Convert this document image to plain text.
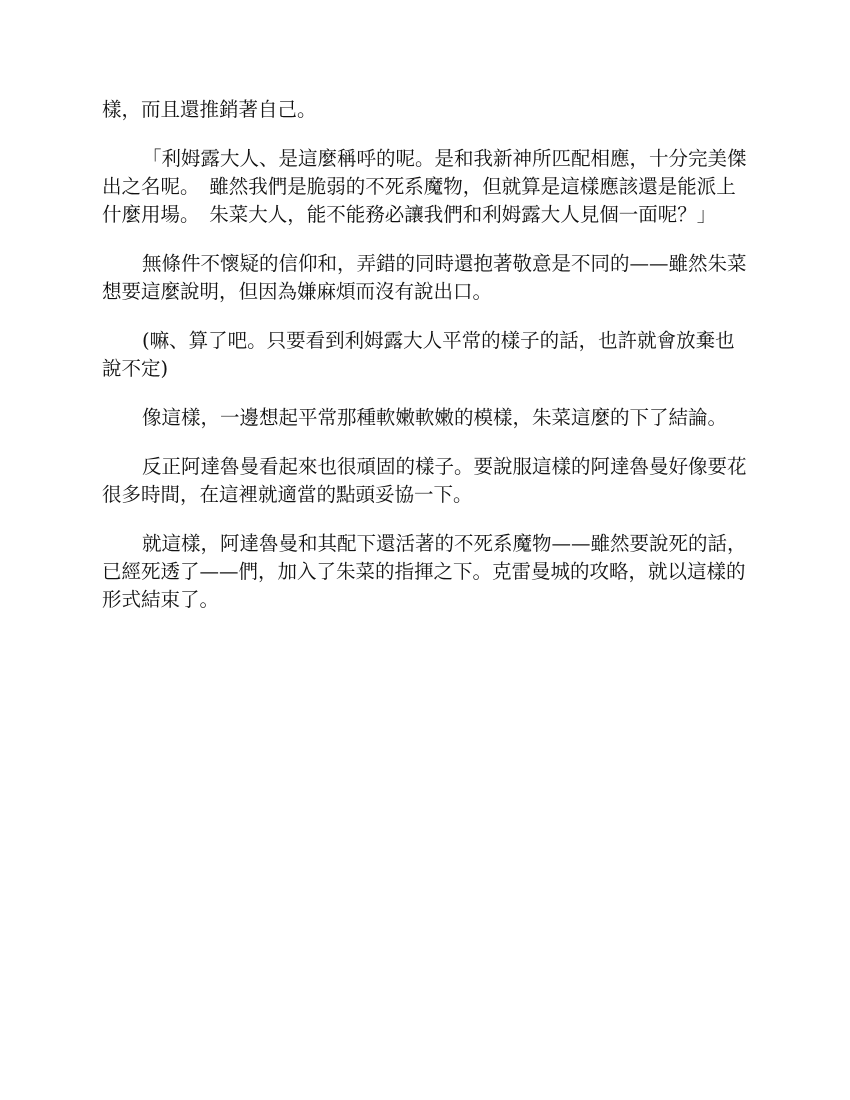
樣，而且還推銷著自己。

「利姆露大人、是這麼稱呼的呢。是和我新神所匹配相應，十分完美傑出之名呢。　雖然我們是脆弱的不死系魔物，但就算是這樣應該還是能派上什麼用場。　朱菜大人，能不能務必讓我們和利姆露大人見個一面呢？」

無條件不懷疑的信仰和，弄錯的同時還抱著敬意是不同的——雖然朱菜想要這麼說明，但因為嫌麻煩而沒有說出口。

(嘛、算了吧。只要看到利姆露大人平常的樣子的話，也許就會放棄也說不定)

像這樣，一邊想起平常那種軟嫩軟嫩的模樣，朱菜這麼的下了結論。

反正阿達魯曼看起來也很頑固的樣子。要說服這樣的阿達魯曼好像要花很多時間，在這裡就適當的點頭妥協一下。

就這樣，阿達魯曼和其配下還活著的不死系魔物——雖然要說死的話，已經死透了——們，加入了朱菜的指揮之下。克雷曼城的攻略，就以這樣的形式結束了。
